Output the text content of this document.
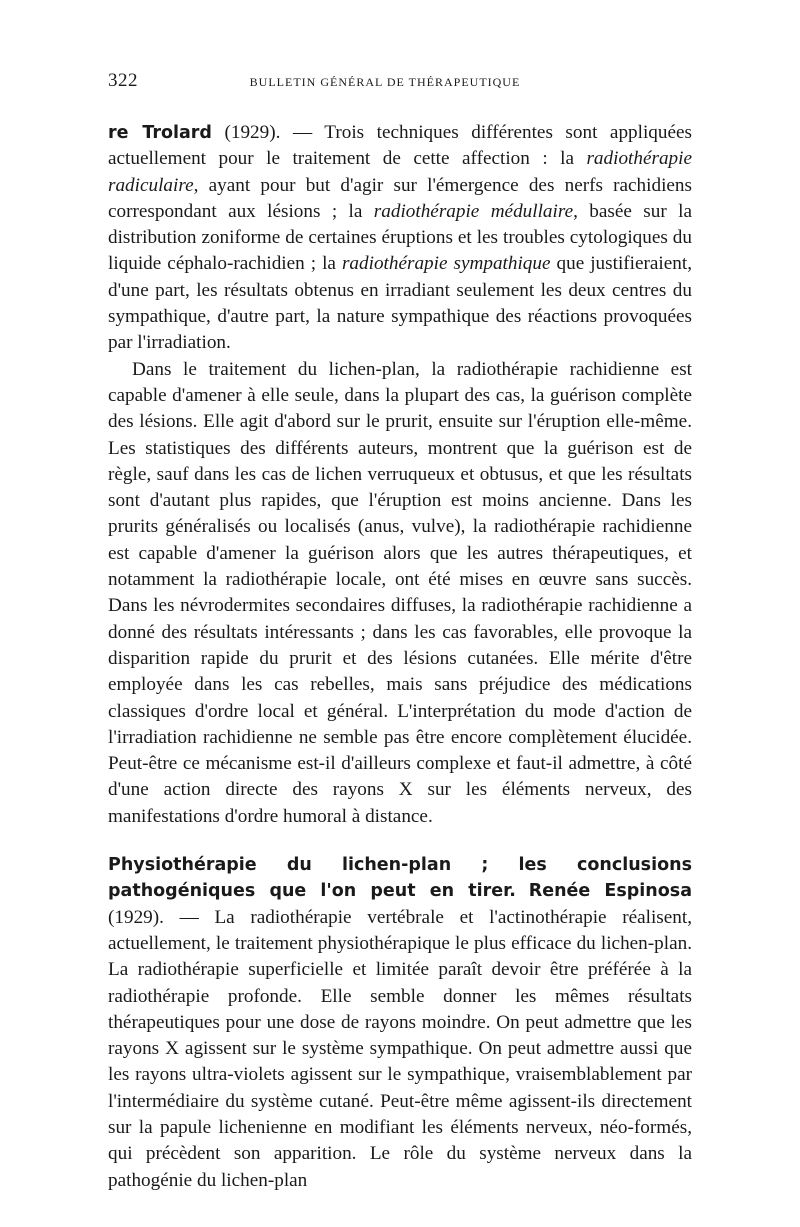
322	BULLETIN GÉNÉRAL DE THÉRAPEUTIQUE

re Trolard (1929). — Trois techniques différentes sont appliquées actuellement pour le traitement de cette affection : la radiothérapie radiculaire, ayant pour but d'agir sur l'émergence des nerfs rachidiens correspondant aux lésions ; la radiothérapie médullaire, basée sur la distribution zoniforme de certaines éruptions et les troubles cytologiques du liquide céphalo-rachidien ; la radiothérapie sympathique que justifieraient, d'une part, les résultats obtenus en irradiant seulement les deux centres du sympathique, d'autre part, la nature sympathique des réactions provoquées par l'irradiation.

Dans le traitement du lichen-plan, la radiothérapie rachidienne est capable d'amener à elle seule, dans la plupart des cas, la guérison complète des lésions. Elle agit d'abord sur le prurit, ensuite sur l'éruption elle-même. Les statistiques des différents auteurs, montrent que la guérison est de règle, sauf dans les cas de lichen verruqueux et obtusus, et que les résultats sont d'autant plus rapides, que l'éruption est moins ancienne. Dans les prurits généralisés ou localisés (anus, vulve), la radiothérapie rachidienne est capable d'amener la guérison alors que les autres thérapeutiques, et notamment la radiothérapie locale, ont été mises en œuvre sans succès. Dans les névrodermites secondaires diffuses, la radiothérapie rachidienne a donné des résultats intéressants ; dans les cas favorables, elle provoque la disparition rapide du prurit et des lésions cutanées. Elle mérite d'être employée dans les cas rebelles, mais sans préjudice des médications classiques d'ordre local et général. L'interprétation du mode d'action de l'irradiation rachidienne ne semble pas être encore complètement élucidée. Peut-être ce mécanisme est-il d'ailleurs complexe et faut-il admettre, à côté d'une action directe des rayons X sur les éléments nerveux, des manifestations d'ordre humoral à distance.

Physiothérapie du lichen-plan ; les conclusions pathogéniques que l'on peut en tirer. Renée Espinosa (1929). — La radiothérapie vertébrale et l'actinothérapie réalisent, actuellement, le traitement physiothérapique le plus efficace du lichen-plan. La radiothérapie superficielle et limitée paraît devoir être préférée à la radiothérapie profonde. Elle semble donner les mêmes résultats thérapeutiques pour une dose de rayons moindre. On peut admettre que les rayons X agissent sur le système sympathique. On peut admettre aussi que les rayons ultra-violets agissent sur le sympathique, vraisemblablement par l'intermédiaire du système cutané. Peut-être même agissent-ils directement sur la papule lichenienne en modifiant les éléments nerveux, néo-formés, qui précèdent son apparition. Le rôle du système nerveux dans la pathogénie du lichen-plan
